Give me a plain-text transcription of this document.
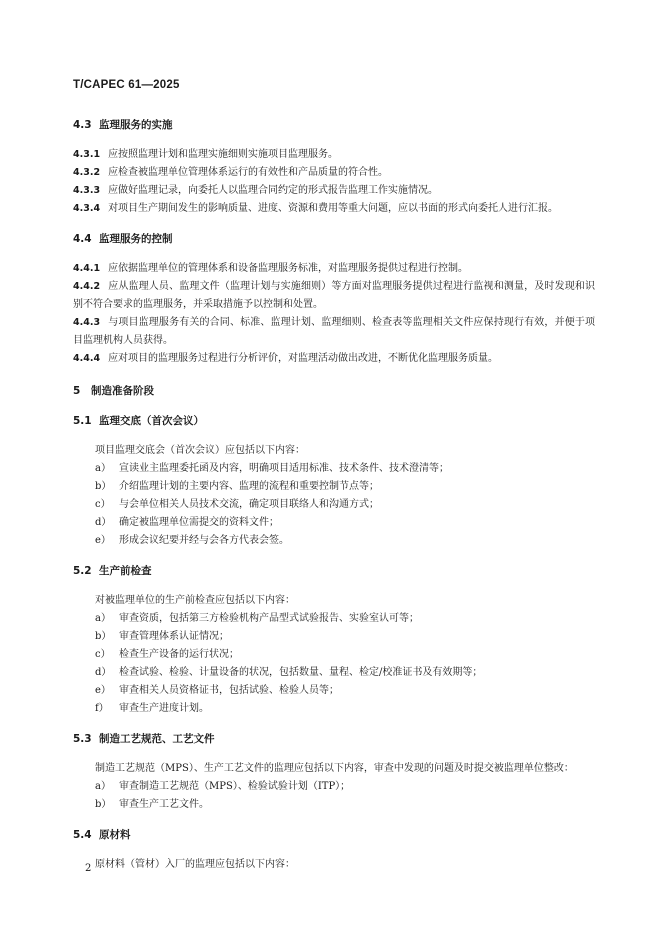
T/CAPEC 61—2025
4.3 监理服务的实施

4.3.1 应按照监理计划和监理实施细则实施项目监理服务。

4.3.2 应检查被监理单位管理体系运行的有效性和产品质量的符合性。

4.3.3 应做好监理记录，向委托人以监理合同约定的形式报告监理工作实施情况。

4.3.4 对项目生产期间发生的影响质量、进度、资源和费用等重大问题，应以书面的形式向委托人进行汇报。

4.4 监理服务的控制

4.4.1 应依据监理单位的管理体系和设备监理服务标准，对监理服务提供过程进行控制。

4.4.2 应从监理人员、监理文件（监理计划与实施细则）等方面对监理服务提供过程进行监视和测量，及时发现和识别不符合要求的监理服务，并采取措施予以控制和处置。

4.4.3 与项目监理服务有关的合同、标准、监理计划、监理细则、检查表等监理相关文件应保持现行有效，并便于项目监理机构人员获得。

4.4.4 应对项目的监理服务过程进行分析评价，对监理活动做出改进，不断优化监理服务质量。

5 制造准备阶段
5.1 监理交底（首次会议）

项目监理交底会（首次会议）应包括以下内容：

a） 宣读业主监理委托函及内容，明确项目适用标准、技术条件、技术澄清等；
b） 介绍监理计划的主要内容、监理的流程和重要控制节点等；
c） 与会单位相关人员技术交流，确定项目联络人和沟通方式；
d） 确定被监理单位需提交的资料文件；
e） 形成会议纪要并经与会各方代表会签。
5.2 生产前检查

对被监理单位的生产前检查应包括以下内容：

a） 审查资质，包括第三方检验机构产品型式试验报告、实验室认可等；
b） 审查管理体系认证情况；
c） 检查生产设备的运行状况；
d） 检查试验、检验、计量设备的状况，包括数量、量程、检定/校准证书及有效期等；
e） 审查相关人员资格证书，包括试验、检验人员等；
f）	审查生产进度计划。
5.3 制造工艺规范、工艺文件

制造工艺规范（MPS）、生产工艺文件的监理应包括以下内容，审查中发现的问题及时提交被监理单位整改：

a） 审查制造工艺规范（MPS）、检验试验计划（ITP）；
b） 审查生产工艺文件。
5.4 原材料

原材料（管材）入厂的监理应包括以下内容：

2
